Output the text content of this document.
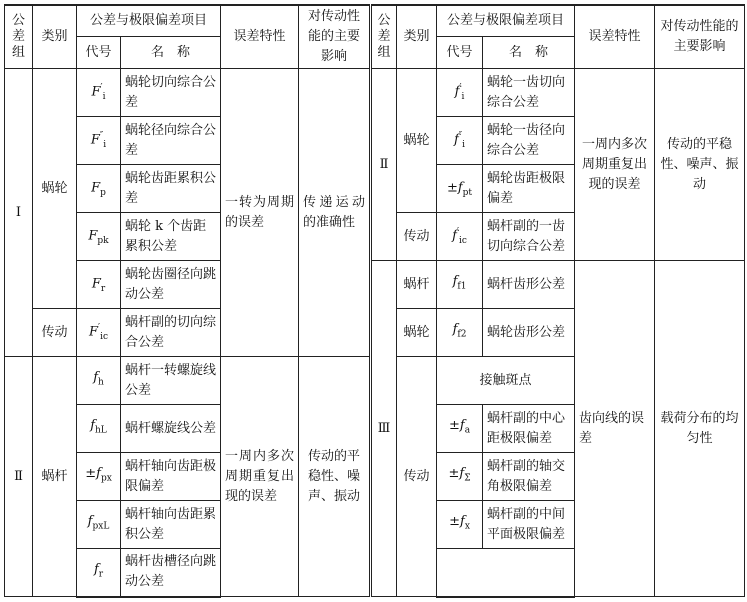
公差组	类别	公差与极限偏差项目		误差特性	对传动性能的主要影响	公差组	类别	公差与极限偏差项目		误差特性	对传动性能的主要影响
		代号	名　称					代号	名　称		
Ⅰ	蜗轮	$F'_i$	蜗轮切向综合公差	一转为周期的误差	传递运动的准确性	Ⅱ	蜗轮	$f'_i$	蜗轮一齿切向综合公差	一周内多次周期重复出现的误差	传动的平稳性、噪声、振动
		$F''_i$	蜗轮径向综合公差					$f''_i$	蜗轮一齿径向综合公差		
		$F_p$	蜗轮齿距累积公差					$\pm f_{pt}$	蜗轮齿距极限偏差		
		$F_{pk}$	蜗轮 k 个齿距累积公差				传动	$f'_{ic}$	蜗杆副的一齿切向综合公差		
		$F_r$	蜗轮齿圈径向跳动公差			Ⅲ	蜗杆	$f_{f1}$	蜗杆齿形公差	齿向线的误差	载荷分布的均匀性
	传动	$F'_{ic}$	蜗杆副的切向综合公差				蜗轮	$f_{f2}$	蜗轮齿形公差		
Ⅱ	蜗杆	$f_h$	蜗杆一转螺旋线公差	一周内多次周期重复出现的误差	传动的平稳性、噪声、振动		传动	接触斑点			
		$f_{hL}$	蜗杆螺旋线公差					$\pm f_a$	蜗杆副的中心距极限偏差		
		$\pm f_{px}$	蜗杆轴向齿距极限偏差					$\pm f_\Sigma$	蜗杆副的轴交角极限偏差		
		$f_{pxL}$	蜗杆轴向齿距累积公差					$\pm f_x$	蜗杆副的中间平面极限偏差		
		$f_r$	蜗杆齿槽径向跳动公差								
